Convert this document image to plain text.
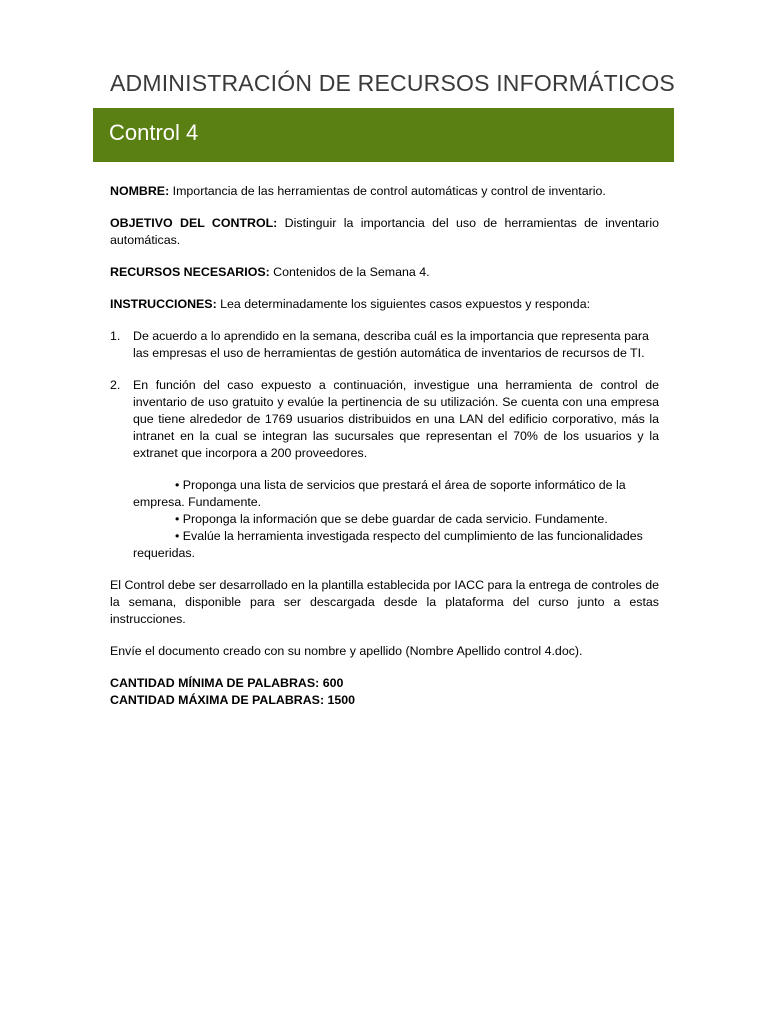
ADMINISTRACIÓN DE RECURSOS INFORMÁTICOS
Control 4

NOMBRE: Importancia de las herramientas de control automáticas y control de inventario.

OBJETIVO DEL CONTROL: Distinguir la importancia del uso de herramientas de inventario automáticas.

RECURSOS NECESARIOS: Contenidos de la Semana 4.

INSTRUCCIONES: Lea determinadamente los siguientes casos expuestos y responda:

1. De acuerdo a lo aprendido en la semana, describa cuál es la importancia que representa para las empresas el uso de herramientas de gestión automática de inventarios de recursos de TI.
2. En función del caso expuesto a continuación, investigue una herramienta de control de inventario de uso gratuito y evalúe la pertinencia de su utilización. Se cuenta con una empresa que tiene alrededor de 1769 usuarios distribuidos en una LAN del edificio corporativo, más la intranet en la cual se integran las sucursales que representan el 70% de los usuarios y la extranet que incorpora a 200 proveedores.
• Proponga una lista de servicios que prestará el área de soporte informático de la empresa. Fundamente.
• Proponga la información que se debe guardar de cada servicio. Fundamente.
• Evalúe la herramienta investigada respecto del cumplimiento de las funcionalidades requeridas.

El Control debe ser desarrollado en la plantilla establecida por IACC para la entrega de controles de la semana, disponible para ser descargada desde la plataforma del curso junto a estas instrucciones.

Envíe el documento creado con su nombre y apellido (Nombre Apellido control 4.doc).

CANTIDAD MÍNIMA DE PALABRAS: 600

CANTIDAD MÁXIMA DE PALABRAS: 1500
